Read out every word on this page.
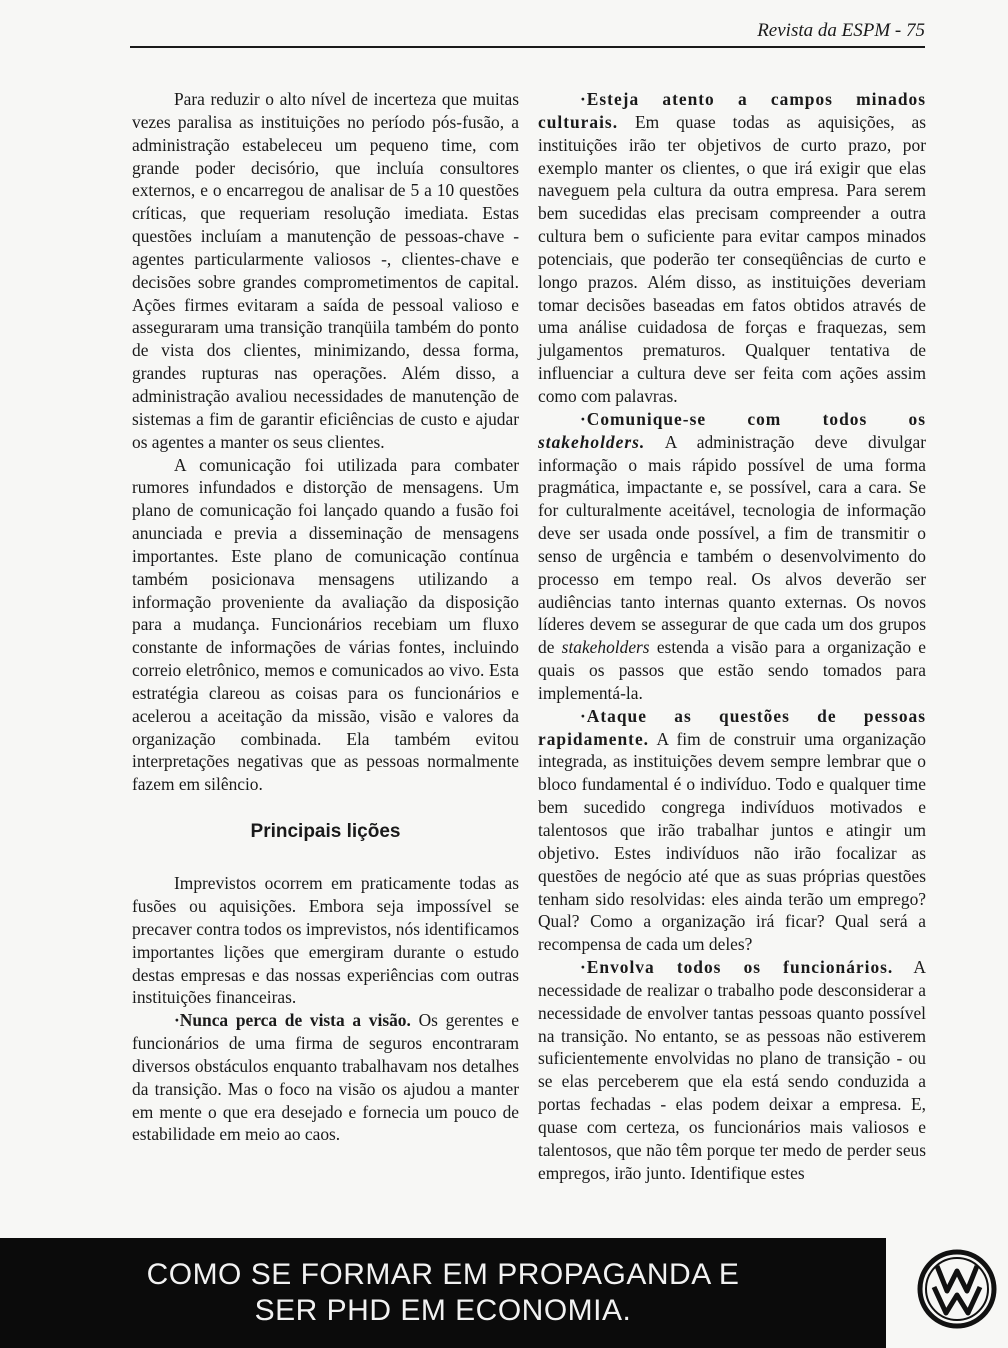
Revista da ESPM - 75

Para reduzir o alto nível de incerteza que muitas vezes paralisa as instituições no período pós-fusão, a administração estabeleceu um pequeno time, com grande poder decisório, que incluía consultores externos, e o encarregou de analisar de 5 a 10 questões críticas, que requeriam resolução imediata. Estas questões incluíam a manutenção de pessoas-chave - agentes particularmente valiosos -, clientes-chave e decisões sobre grandes comprometimentos de capital. Ações firmes evitaram a saída de pessoal valioso e asseguraram uma transição tranqüila também do ponto de vista dos clientes, minimizando, dessa forma, grandes rupturas nas operações. Além disso, a administração avaliou necessidades de manutenção de sistemas a fim de garantir eficiências de custo e ajudar os agentes a manter os seus clientes.

A comunicação foi utilizada para combater rumores infundados e distorção de mensagens. Um plano de comunicação foi lançado quando a fusão foi anunciada e previa a disseminação de mensagens importantes. Este plano de comunicação contínua também posicionava mensagens utilizando a informação proveniente da avaliação da disposição para a mudança. Funcionários recebiam um fluxo constante de informações de várias fontes, incluindo correio eletrônico, memos e comunicados ao vivo. Esta estratégia clareou as coisas para os funcionários e acelerou a aceitação da missão, visão e valores da organização combinada. Ela também evitou interpretações negativas que as pessoas normalmente fazem em silêncio.

Principais lições

Imprevistos ocorrem em praticamente todas as fusões ou aquisições. Embora seja impossível se precaver contra todos os imprevistos, nós identificamos importantes lições que emergiram durante o estudo destas empresas e das nossas experiências com outras instituições financeiras.

·Nunca perca de vista a visão. Os gerentes e funcionários de uma firma de seguros encontraram diversos obstáculos enquanto trabalhavam nos detalhes da transição. Mas o foco na visão os ajudou a manter em mente o que era desejado e fornecia um pouco de estabilidade em meio ao caos.

·Esteja atento a campos minados culturais. Em quase todas as aquisições, as instituições irão ter objetivos de curto prazo, por exemplo manter os clientes, o que irá exigir que elas naveguem pela cultura da outra empresa. Para serem bem sucedidas elas precisam compreender a outra cultura bem o suficiente para evitar campos minados potenciais, que poderão ter conseqüências de curto e longo prazos. Além disso, as instituições deveriam tomar decisões baseadas em fatos obtidos através de uma análise cuidadosa de forças e fraquezas, sem julgamentos prematuros. Qualquer tentativa de influenciar a cultura deve ser feita com ações assim como com palavras.

·Comunique-se com todos os stakeholders. A administração deve divulgar informação o mais rápido possível de uma forma pragmática, impactante e, se possível, cara a cara. Se for culturalmente aceitável, tecnologia de informação deve ser usada onde possível, a fim de transmitir o senso de urgência e também o desenvolvimento do processo em tempo real. Os alvos deverão ser audiências tanto internas quanto externas. Os novos líderes devem se assegurar de que cada um dos grupos de stakeholders estenda a visão para a organização e quais os passos que estão sendo tomados para implementá-la.

·Ataque as questões de pessoas rapidamente. A fim de construir uma organização integrada, as instituições devem sempre lembrar que o bloco fundamental é o indivíduo. Todo e qualquer time bem sucedido congrega indivíduos motivados e talentosos que irão trabalhar juntos e atingir um objetivo. Estes indivíduos não irão focalizar as questões de negócio até que as suas próprias questões tenham sido resolvidas: eles ainda terão um emprego? Qual? Como a organização irá ficar? Qual será a recompensa de cada um deles?

·Envolva todos os funcionários. A necessidade de realizar o trabalho pode desconsiderar a necessidade de envolver tantas pessoas quanto possível na transição. No entanto, se as pessoas não estiverem suficientemente envolvidas no plano de transição - ou se elas perceberem que ela está sendo conduzida a portas fechadas - elas podem deixar a empresa. E, quase com certeza, os funcionários mais valiosos e talentosos, que não têm porque ter medo de perder seus empregos, irão junto. Identifique estes

COMO SE FORMAR EM PROPAGANDA E
SER PHD EM ECONOMIA.
